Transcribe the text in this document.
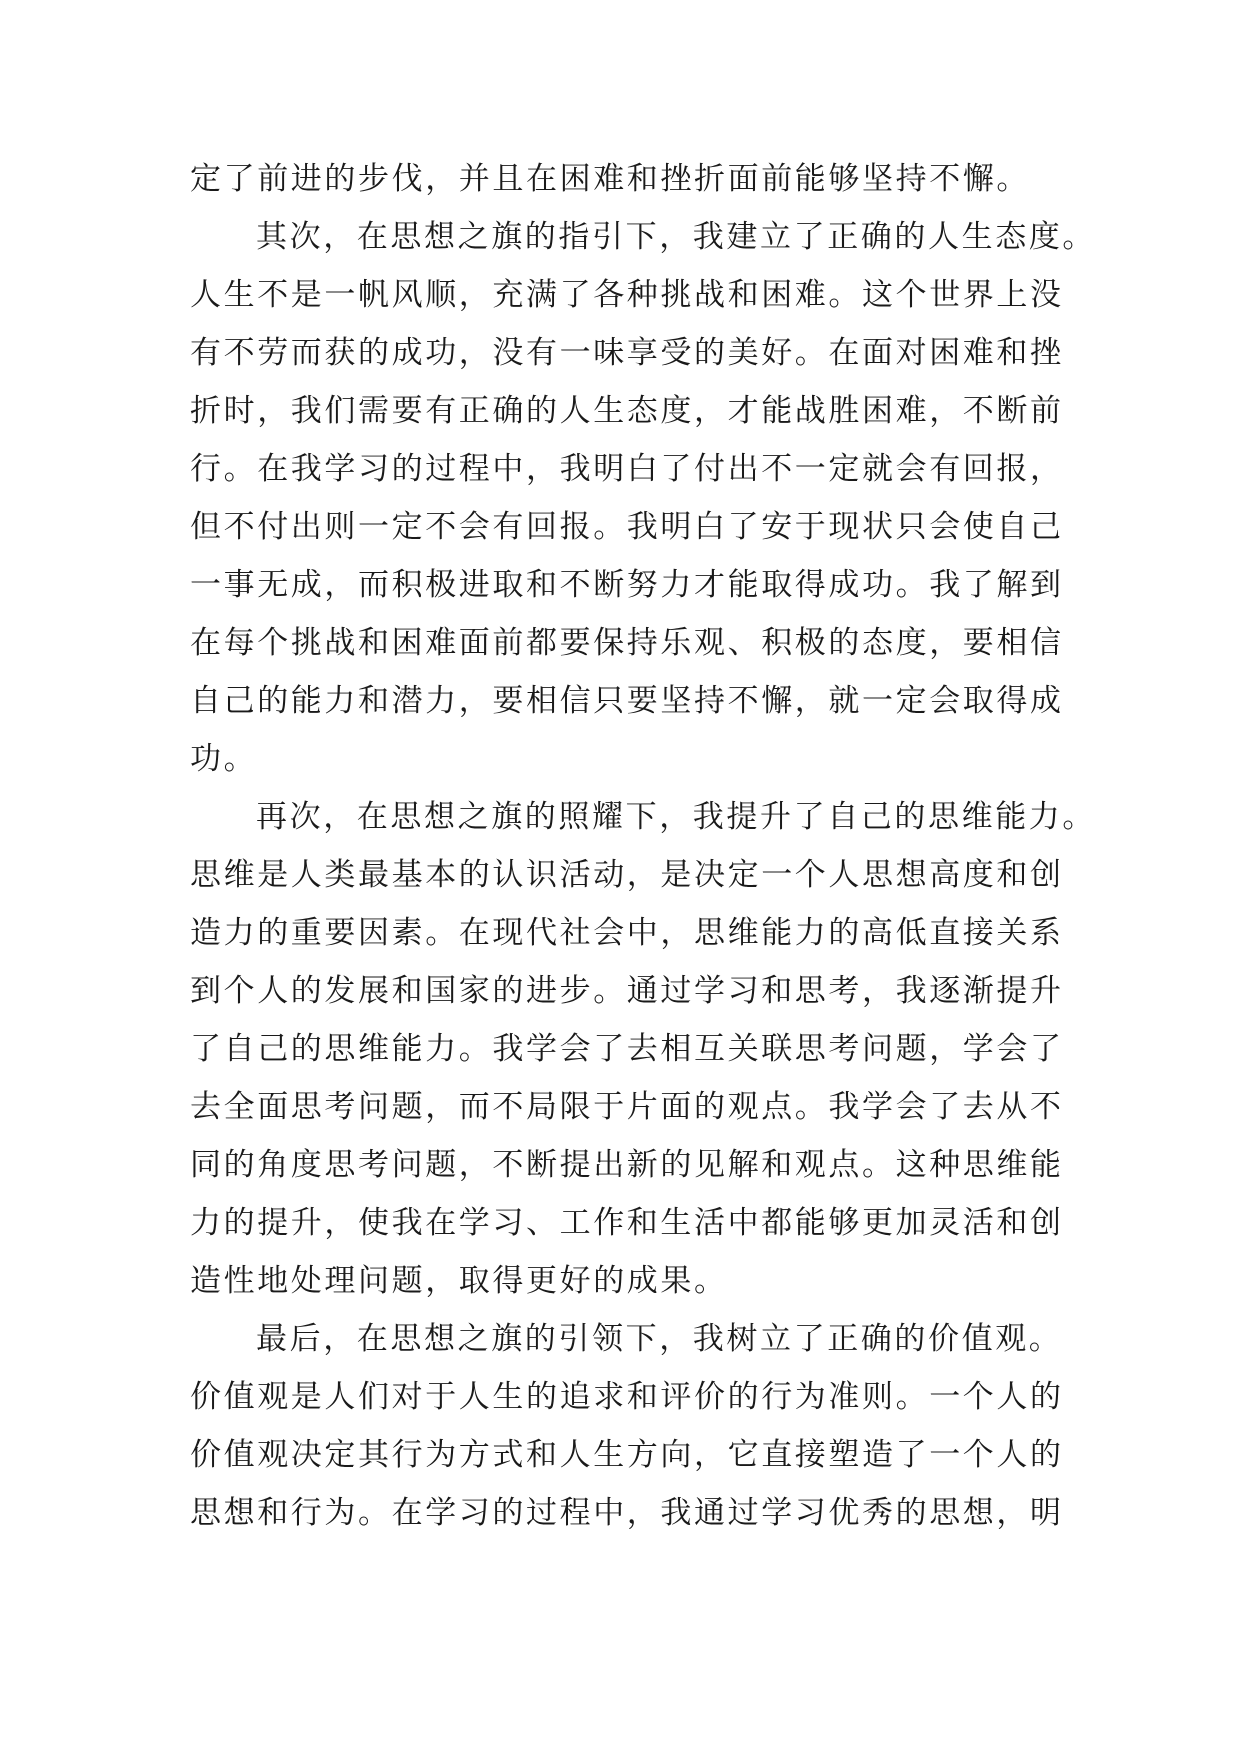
定了前进的步伐，并且在困难和挫折面前能够坚持不懈。
其次，在思想之旗的指引下，我建立了正确的人生态度。
人生不是一帆风顺，充满了各种挑战和困难。这个世界上没
有不劳而获的成功，没有一味享受的美好。在面对困难和挫
折时，我们需要有正确的人生态度，才能战胜困难，不断前
行。在我学习的过程中，我明白了付出不一定就会有回报，
但不付出则一定不会有回报。我明白了安于现状只会使自己
一事无成，而积极进取和不断努力才能取得成功。我了解到
在每个挑战和困难面前都要保持乐观、积极的态度，要相信
自己的能力和潜力，要相信只要坚持不懈，就一定会取得成
功。
再次，在思想之旗的照耀下，我提升了自己的思维能力。
思维是人类最基本的认识活动，是决定一个人思想高度和创
造力的重要因素。在现代社会中，思维能力的高低直接关系
到个人的发展和国家的进步。通过学习和思考，我逐渐提升
了自己的思维能力。我学会了去相互关联思考问题，学会了
去全面思考问题，而不局限于片面的观点。我学会了去从不
同的角度思考问题，不断提出新的见解和观点。这种思维能
力的提升，使我在学习、工作和生活中都能够更加灵活和创
造性地处理问题，取得更好的成果。
最后，在思想之旗的引领下，我树立了正确的价值观。
价值观是人们对于人生的追求和评价的行为准则。一个人的
价值观决定其行为方式和人生方向，它直接塑造了一个人的
思想和行为。在学习的过程中，我通过学习优秀的思想，明
